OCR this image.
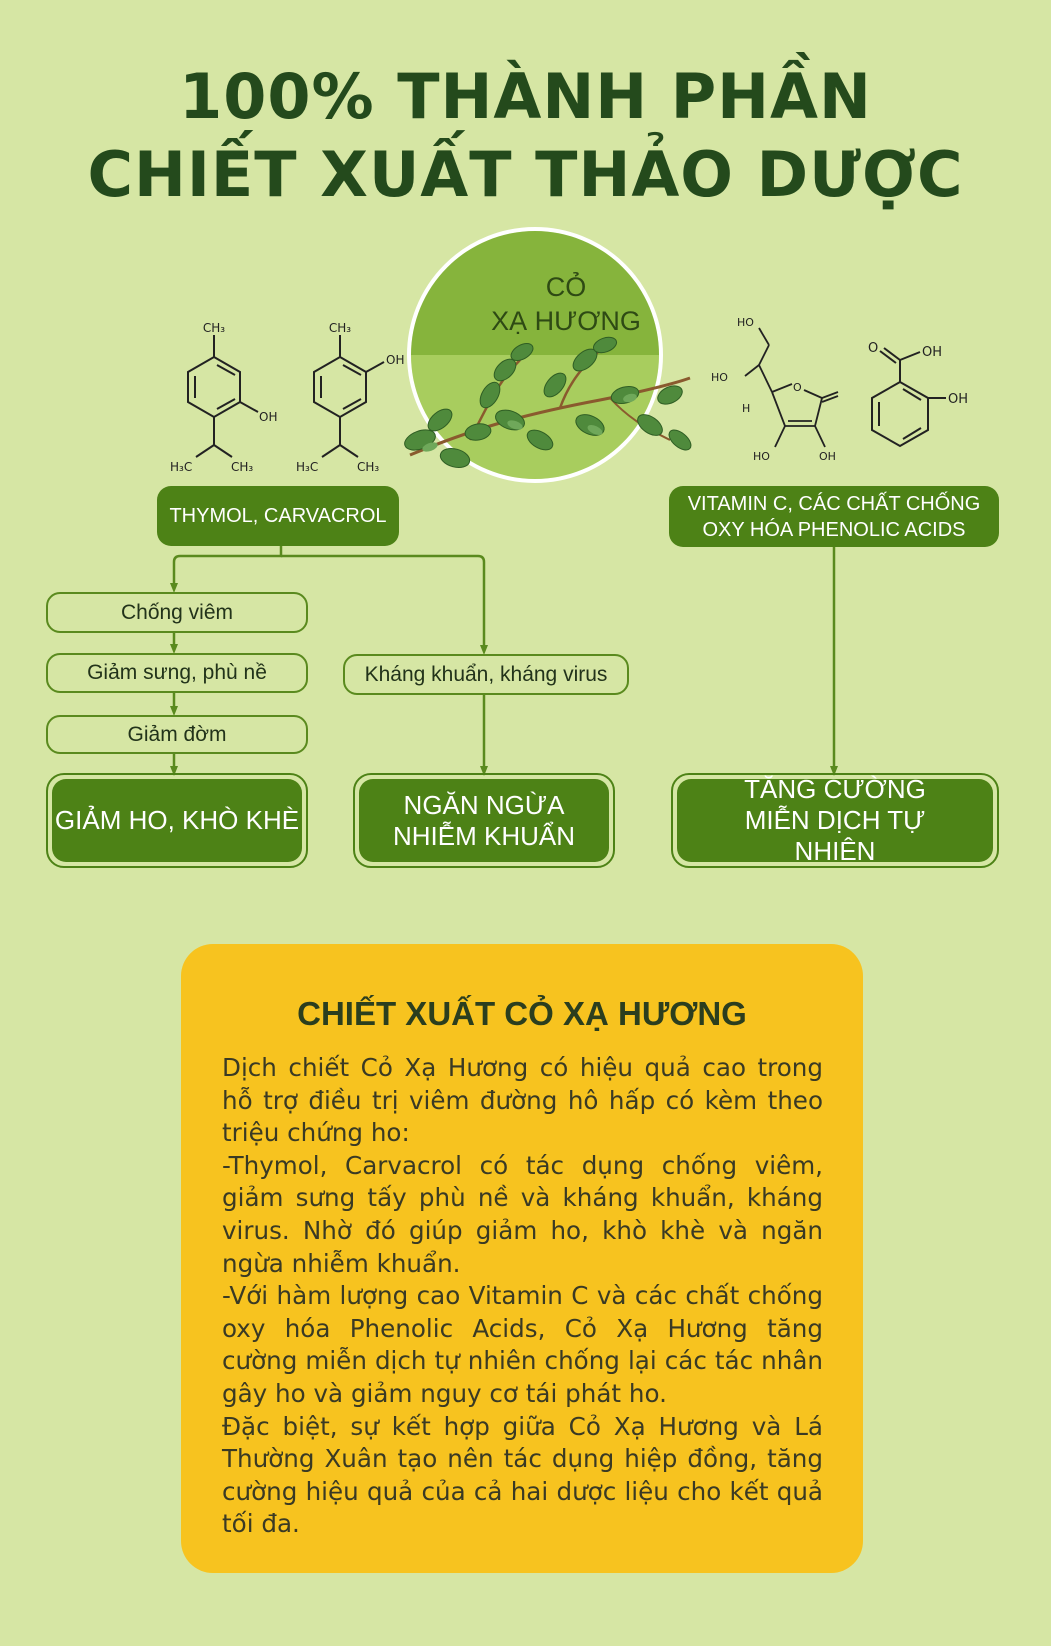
100% THÀNH PHẦN
CHIẾT XUẤT THẢO DƯỢC
CH₃
OH
H₃C	CH₃
CH₃
OH
H₃C	CH₃
HO
HO
H
O
HO	OH
O	OH
OH
CỎ
XẠ HƯƠNG
THYMOL, CARVACROL
VITAMIN C, CÁC CHẤT CHỐNG OXY HÓA PHENOLIC ACIDS
Chống viêm
Giảm sưng, phù nề
Giảm đờm
Kháng khuẩn, kháng virus
GIẢM HO, KHÒ KHÈ
NGĂN NGỪA NHIỄM KHUẨN
TĂNG CƯỜNG MIỄN DỊCH TỰ NHIÊN
CHIẾT XUẤT CỎ XẠ HƯƠNG

Dịch chiết Cỏ Xạ Hương có hiệu quả cao trong hỗ trợ điều trị viêm đường hô hấp có kèm theo triệu chứng ho:

-Thymol, Carvacrol có tác dụng chống viêm, giảm sưng tấy phù nề và kháng khuẩn, kháng virus. Nhờ đó giúp giảm ho, khò khè và ngăn ngừa nhiễm khuẩn.

-Với hàm lượng cao Vitamin C và các chất chống oxy hóa Phenolic Acids, Cỏ Xạ Hương tăng cường miễn dịch tự nhiên chống lại các tác nhân gây ho và giảm nguy cơ tái phát ho.

Đặc biệt, sự kết hợp giữa Cỏ Xạ Hương và Lá Thường Xuân tạo nên tác dụng hiệp đồng, tăng cường hiệu quả của cả hai dược liệu cho kết quả tối đa.
